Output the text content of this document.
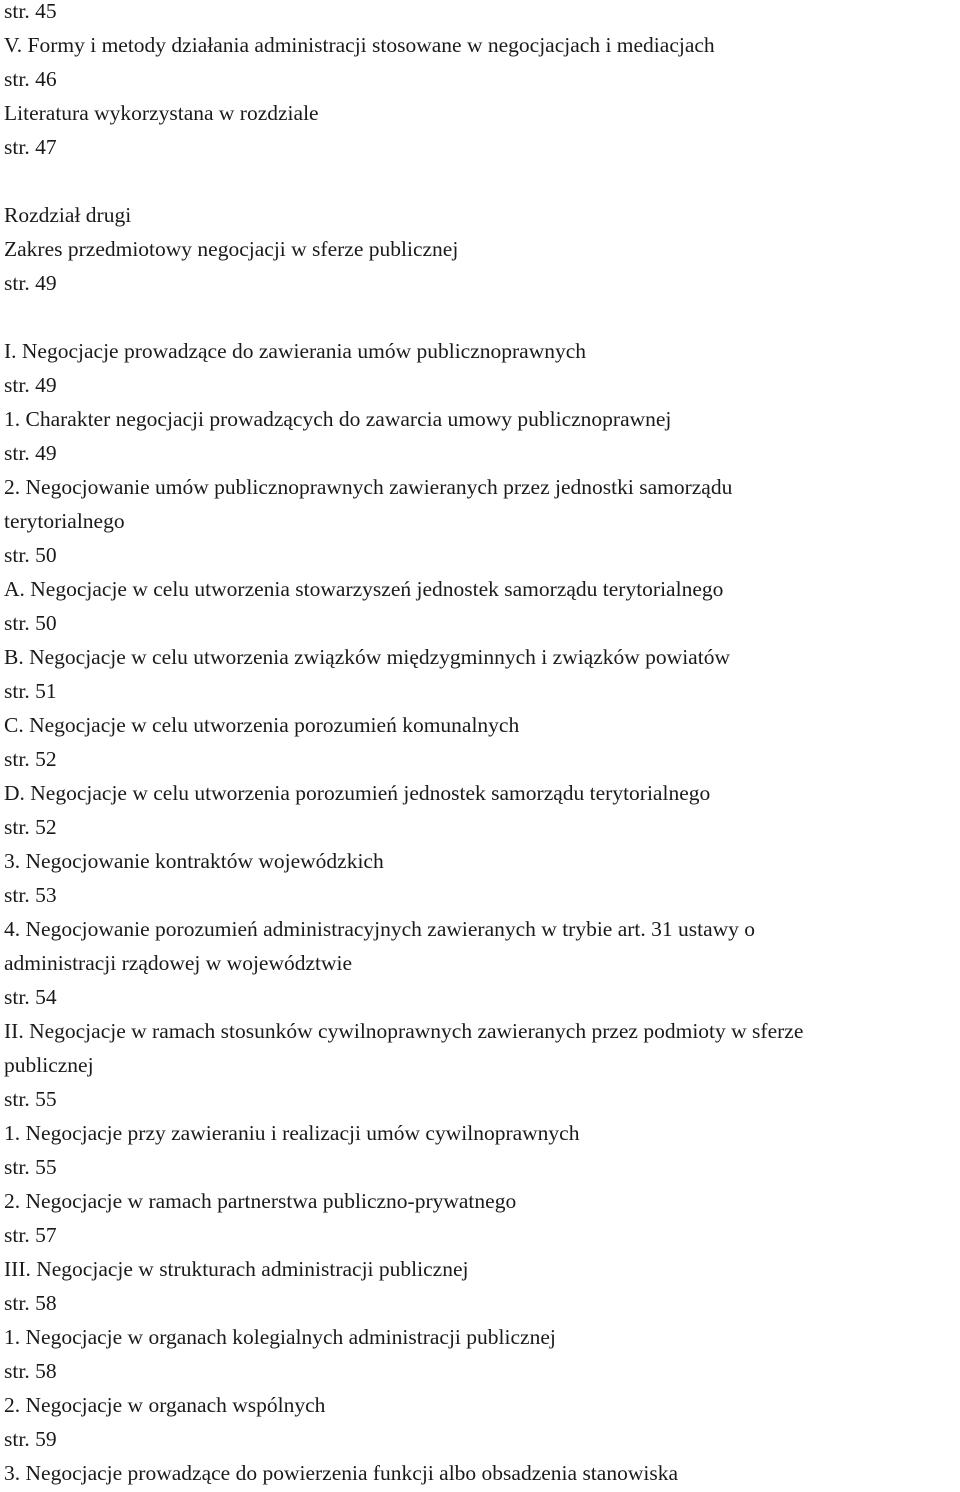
str. 45
V. Formy i metody działania administracji stosowane w negocjacjach i mediacjach
str. 46
Literatura wykorzystana w rozdziale
str. 47
Rozdział drugi
Zakres przedmiotowy negocjacji w sferze publicznej
str. 49
I. Negocjacje prowadzące do zawierania umów publicznoprawnych
str. 49
1. Charakter negocjacji prowadzących do zawarcia umowy publicznoprawnej
str. 49
2. Negocjowanie umów publicznoprawnych zawieranych przez jednostki samorządu
terytorialnego
str. 50
A. Negocjacje w celu utworzenia stowarzyszeń jednostek samorządu terytorialnego
str. 50
B. Negocjacje w celu utworzenia związków międzygminnych i związków powiatów
str. 51
C. Negocjacje w celu utworzenia porozumień komunalnych
str. 52
D. Negocjacje w celu utworzenia porozumień jednostek samorządu terytorialnego
str. 52
3. Negocjowanie kontraktów wojewódzkich
str. 53
4. Negocjowanie porozumień administracyjnych zawieranych w trybie art. 31 ustawy o
administracji rządowej w województwie
str. 54
II. Negocjacje w ramach stosunków cywilnoprawnych zawieranych przez podmioty w sferze
publicznej
str. 55
1. Negocjacje przy zawieraniu i realizacji umów cywilnoprawnych
str. 55
2. Negocjacje w ramach partnerstwa publiczno-prywatnego
str. 57
III. Negocjacje w strukturach administracji publicznej
str. 58
1. Negocjacje w organach kolegialnych administracji publicznej
str. 58
2. Negocjacje w organach wspólnych
str. 59
3. Negocjacje prowadzące do powierzenia funkcji albo obsadzenia stanowiska
